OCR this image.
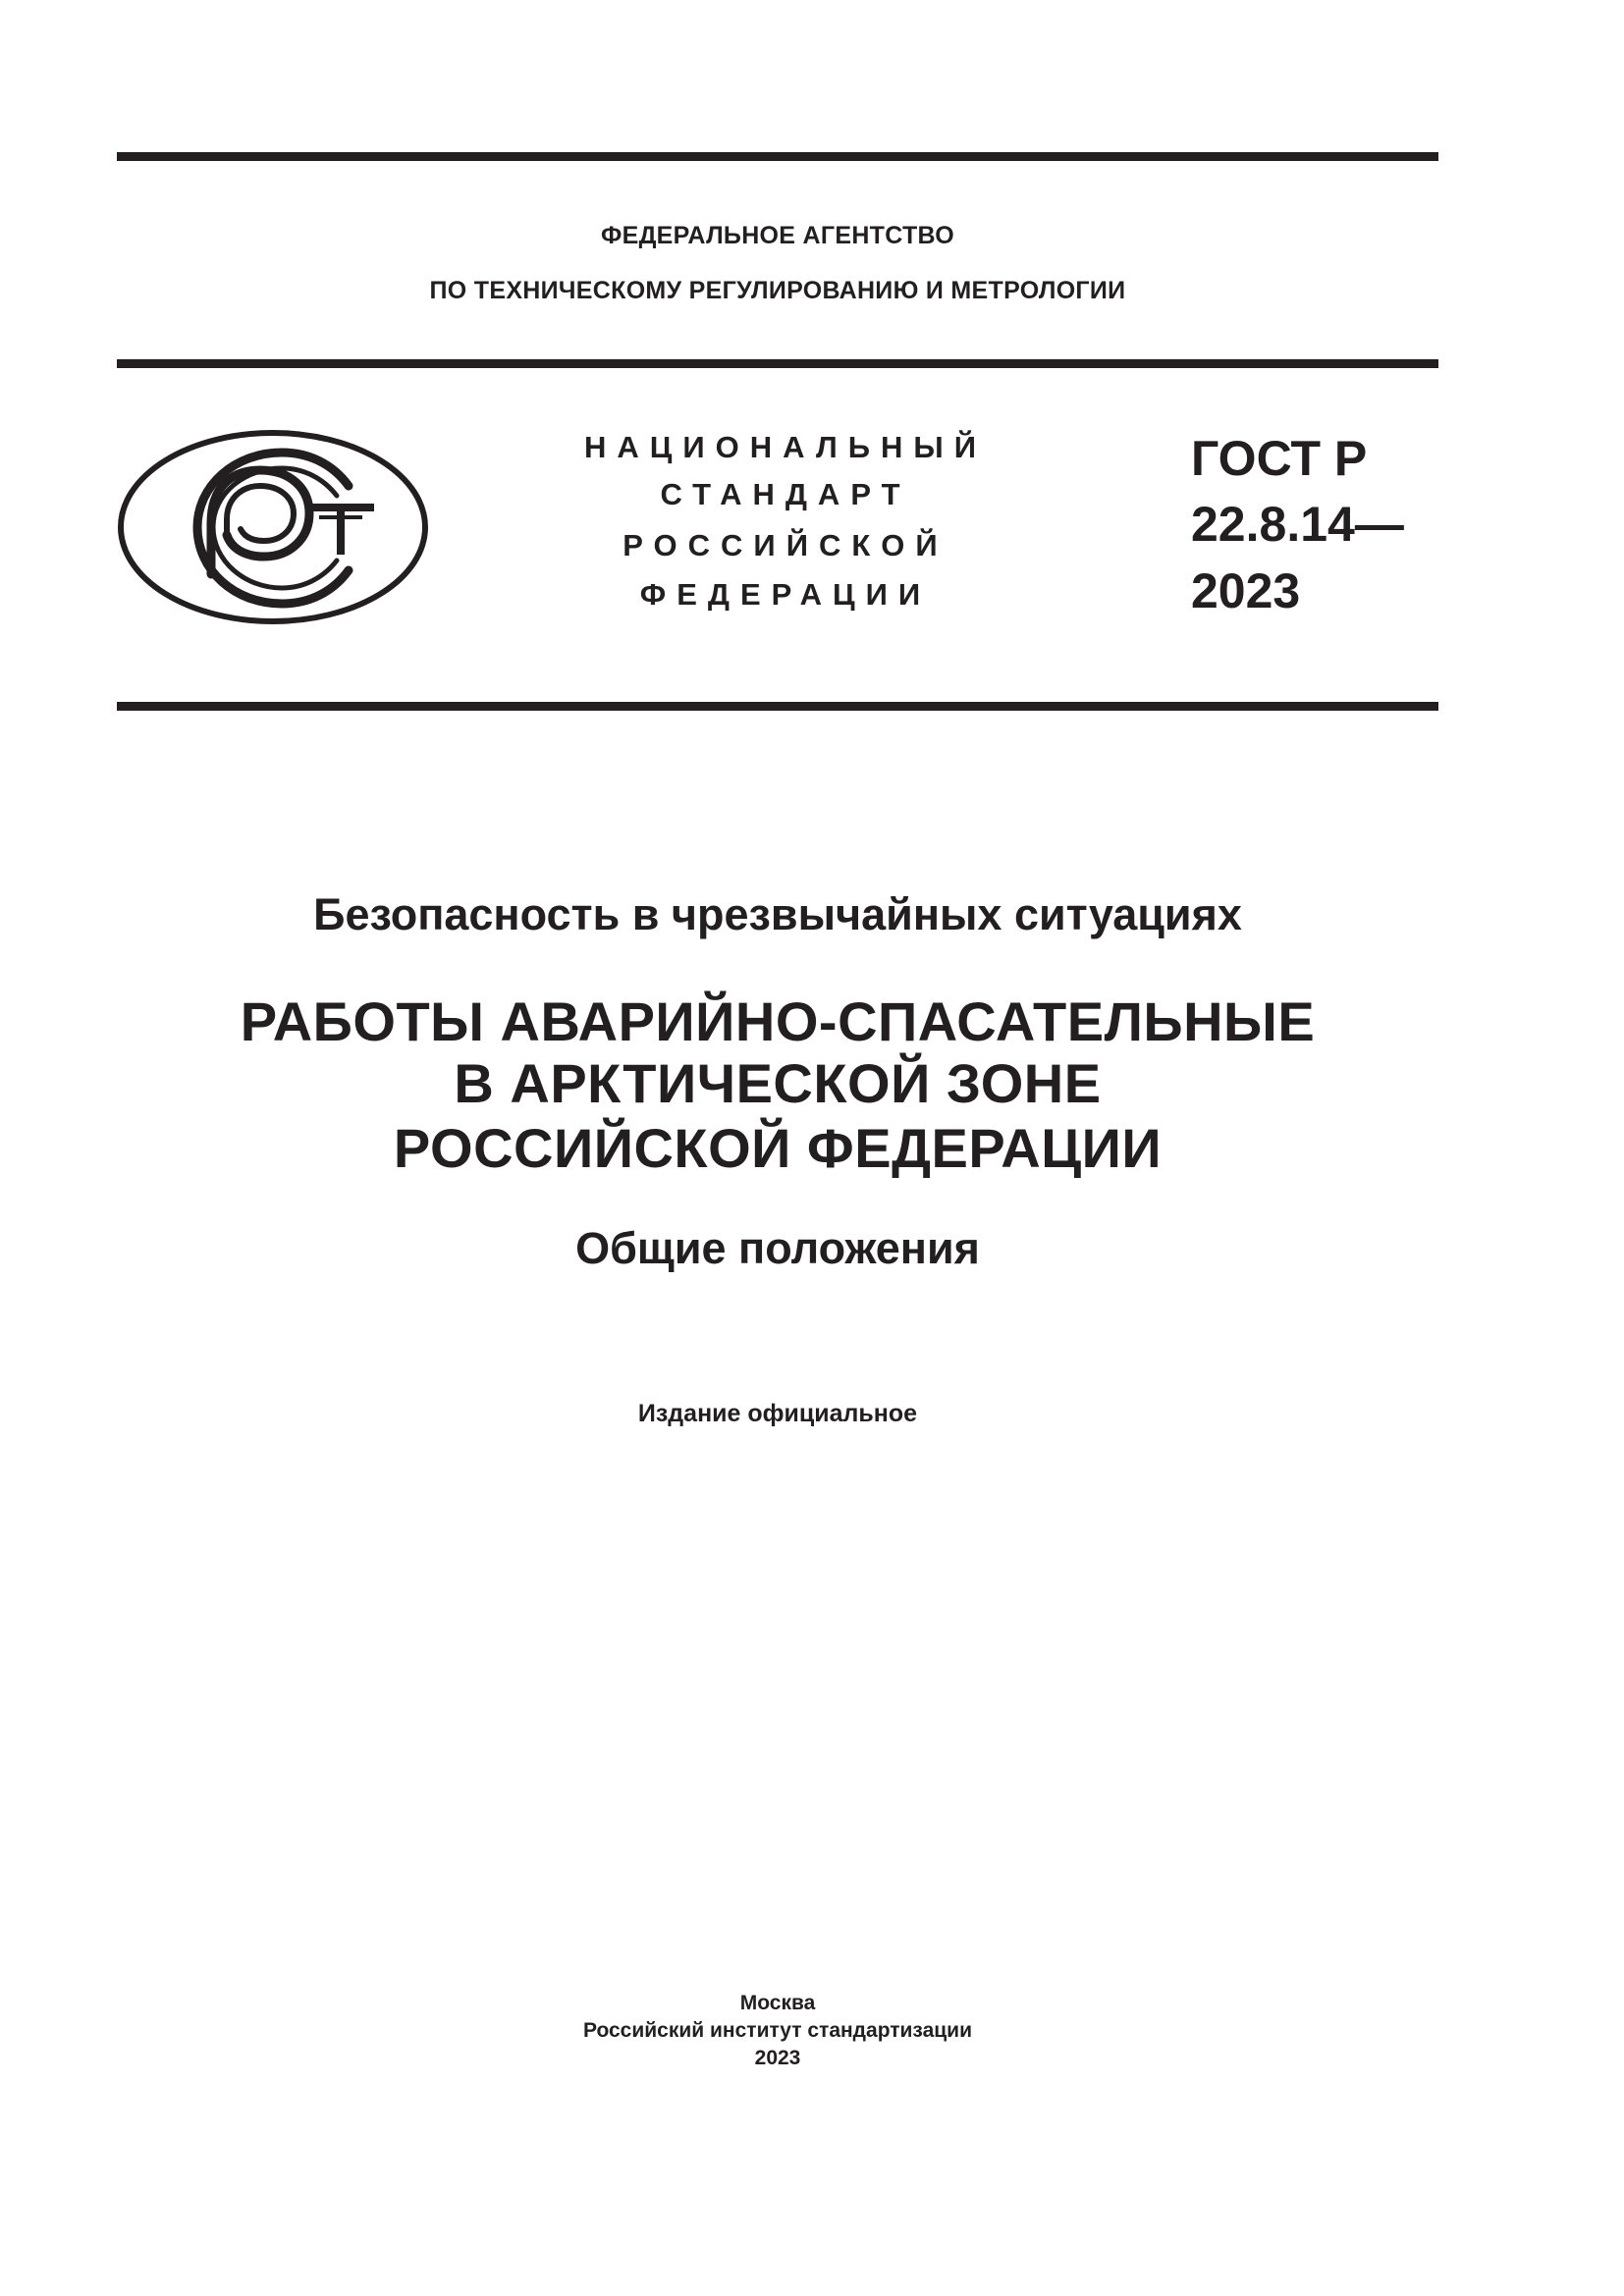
ФЕДЕРАЛЬНОЕ АГЕНТСТВО
ПО ТЕХНИЧЕСКОМУ РЕГУЛИРОВАНИЮ И МЕТРОЛОГИИ
НАЦИОНАЛЬНЫЙ
СТАНДАРТ
РОССИЙСКОЙ
ФЕДЕРАЦИИ
ГОСТ Р
22.8.14—
2023
Безопасность в чрезвычайных ситуациях
РАБОТЫ АВАРИЙНО-СПАСАТЕЛЬНЫЕ
В АРКТИЧЕСКОЙ ЗОНЕ
РОССИЙСКОЙ ФЕДЕРАЦИИ
Общие положения
Издание официальное
Москва
Российский институт стандартизации
2023
